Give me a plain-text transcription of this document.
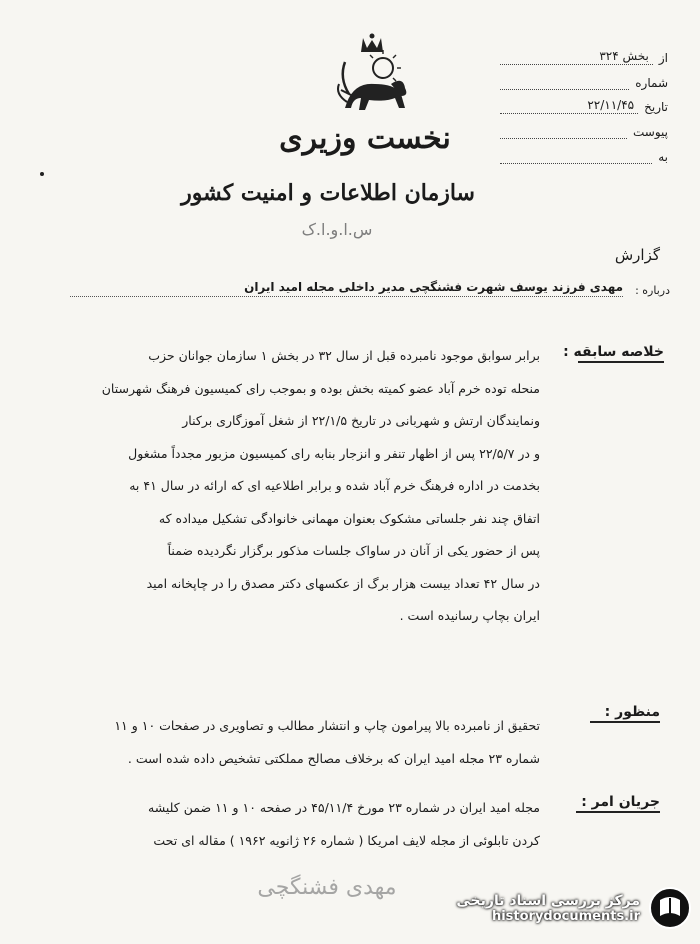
نخست وزیری
سازمان اطلاعات و امنیت کشور
س.ا.و.ا.ک
از
بخش ۳۲۴
شماره
تاریخ
۲۲/۱۱/۴۵
پیوست
به
گزارش
درباره :
مهدی فرزند یوسف شهرت فشنگچی مدیر داخلی مجله امید ایران
خلاصه سابقه :
برابر سوابق موجود نامبرده قبل از سال ۳۲ در بخش ۱ سازمان جوانان حزب
منحله توده خرم آباد عضو کمیته بخش بوده و بموجب رای کمیسیون فرهنگ شهرستان
ونمایندگان ارتش و شهربانی در تاریخ ۲۲/۱/۵ از شغل آموزگاری برکنار
و در ۲۲/۵/۷ پس از اظهار تنفر و انزجار بنابه رای کمیسیون مزبور مجدداً مشغول
بخدمت در اداره فرهنگ خرم آباد شده و برابر اطلاعیه ای که ارائه در سال ۴۱ به
اتفاق چند نفر جلساتی مشکوک بعنوان مهمانی خانوادگی تشکیل میداده که
پس از حضور یکی از آنان در ساواک جلسات مذکور برگزار نگردیده ضمناً
در سال ۴۲ تعداد بیست هزار برگ از عکسهای دکتر مصدق را در چاپخانه امید
ایران بچاپ رسانیده است .
منظور :
تحقیق از نامبرده بالا پیرامون چاپ و انتشار مطالب و تصاویری در صفحات ۱۰ و ۱۱
شماره ۲۳ مجله امید ایران که برخلاف مصالح مملکتی تشخیص داده شده است .
جریان امر :
مجله امید ایران در شماره ۲۳ مورخ ۴۵/۱۱/۴ در صفحه ۱۰ و ۱۱ ضمن کلیشه
کردن تابلوئی از مجله لایف امریکا ( شماره ۲۶ ژانویه ۱۹۶۲ ) مقاله ای تحت
مهدی فشنگچی
مرکز بررسی اسناد تاریخی
historydocuments.ir
